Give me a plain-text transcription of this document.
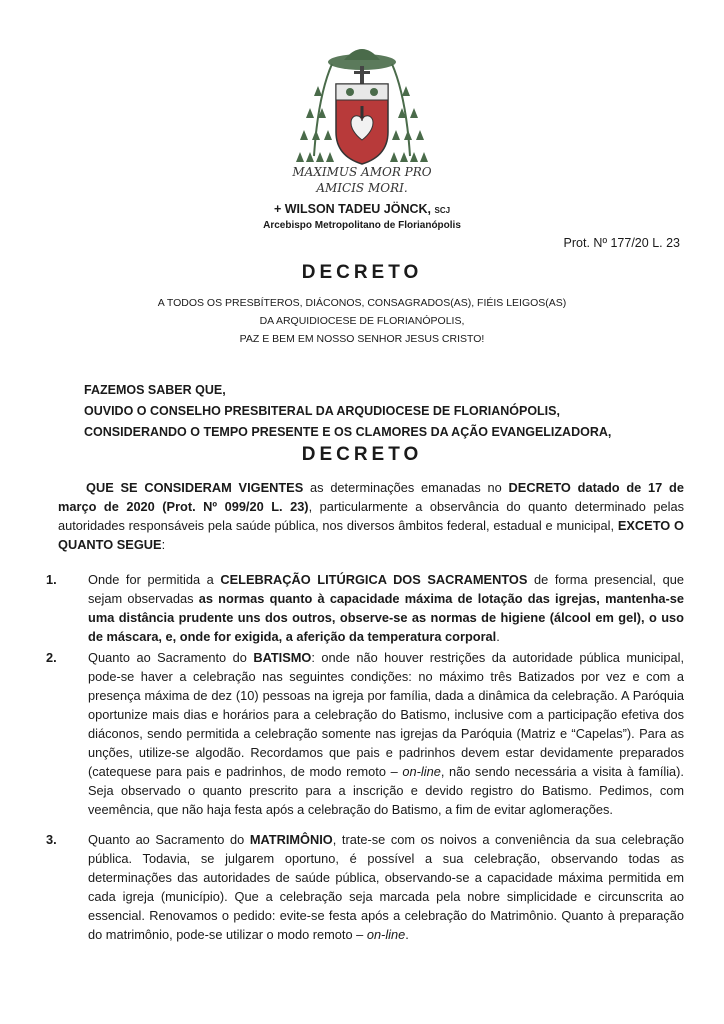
MAXIMUS AMOR PRO
AMICIS MORI.
+ WILSON TADEU JÖNCK, SCJ
Arcebispo Metropolitano de Florianópolis
Prot. Nº 177/20 L. 23
DECRETO
A TODOS OS PRESBÍTEROS, DIÁCONOS, CONSAGRADOS(AS), FIÉIS LEIGOS(AS)
DA ARQUIDIOCESE DE FLORIANÓPOLIS,
PAZ E BEM EM NOSSO SENHOR JESUS CRISTO!
FAZEMOS SABER QUE,
OUVIDO O CONSELHO PRESBITERAL DA ARQUDIOCESE DE FLORIANÓPOLIS,
CONSIDERANDO O TEMPO PRESENTE E OS CLAMORES DA AÇÃO EVANGELIZADORA,
DECRETO
QUE SE CONSIDERAM VIGENTES as determinações emanadas no DECRETO datado de 17 de março de 2020 (Prot. Nº 099/20 L. 23), particularmente a observância do quanto determinado pelas autoridades responsáveis pela saúde pública, nos diversos âmbitos federal, estadual e municipal, EXCETO O QUANTO SEGUE:
1. Onde for permitida a CELEBRAÇÃO LITÚRGICA DOS SACRAMENTOS de forma presencial, que sejam observadas as normas quanto à capacidade máxima de lotação das igrejas, mantenha-se uma distância prudente uns dos outros, observe-se as normas de higiene (álcool em gel), o uso de máscara, e, onde for exigida, a aferição da temperatura corporal.
2. Quanto ao Sacramento do BATISMO: onde não houver restrições da autoridade pública municipal, pode-se haver a celebração nas seguintes condições: no máximo três Batizados por vez e com a presença máxima de dez (10) pessoas na igreja por família, dada a dinâmica da celebração. A Paróquia oportunize mais dias e horários para a celebração do Batismo, inclusive com a participação efetiva dos diáconos, sendo permitida a celebração somente nas igrejas da Paróquia (Matriz e “Capelas”). Para as unções, utilize-se algodão. Recordamos que pais e padrinhos devem estar devidamente preparados (catequese para pais e padrinhos, de modo remoto – on-line, não sendo necessária a visita à família). Seja observado o quanto prescrito para a inscrição e devido registro do Batismo. Pedimos, com veemência, que não haja festa após a celebração do Batismo, a fim de evitar aglomerações.
3. Quanto ao Sacramento do MATRIMÔNIO, trate-se com os noivos a conveniência da sua celebração pública. Todavia, se julgarem oportuno, é possível a sua celebração, observando todas as determinações das autoridades de saúde pública, observando-se a capacidade máxima permitida em cada igreja (município). Que a celebração seja marcada pela nobre simplicidade e circunscrita ao essencial. Renovamos o pedido: evite-se festa após a celebração do Matrimônio. Quanto à preparação do matrimônio, pode-se utilizar o modo remoto – on-line.
